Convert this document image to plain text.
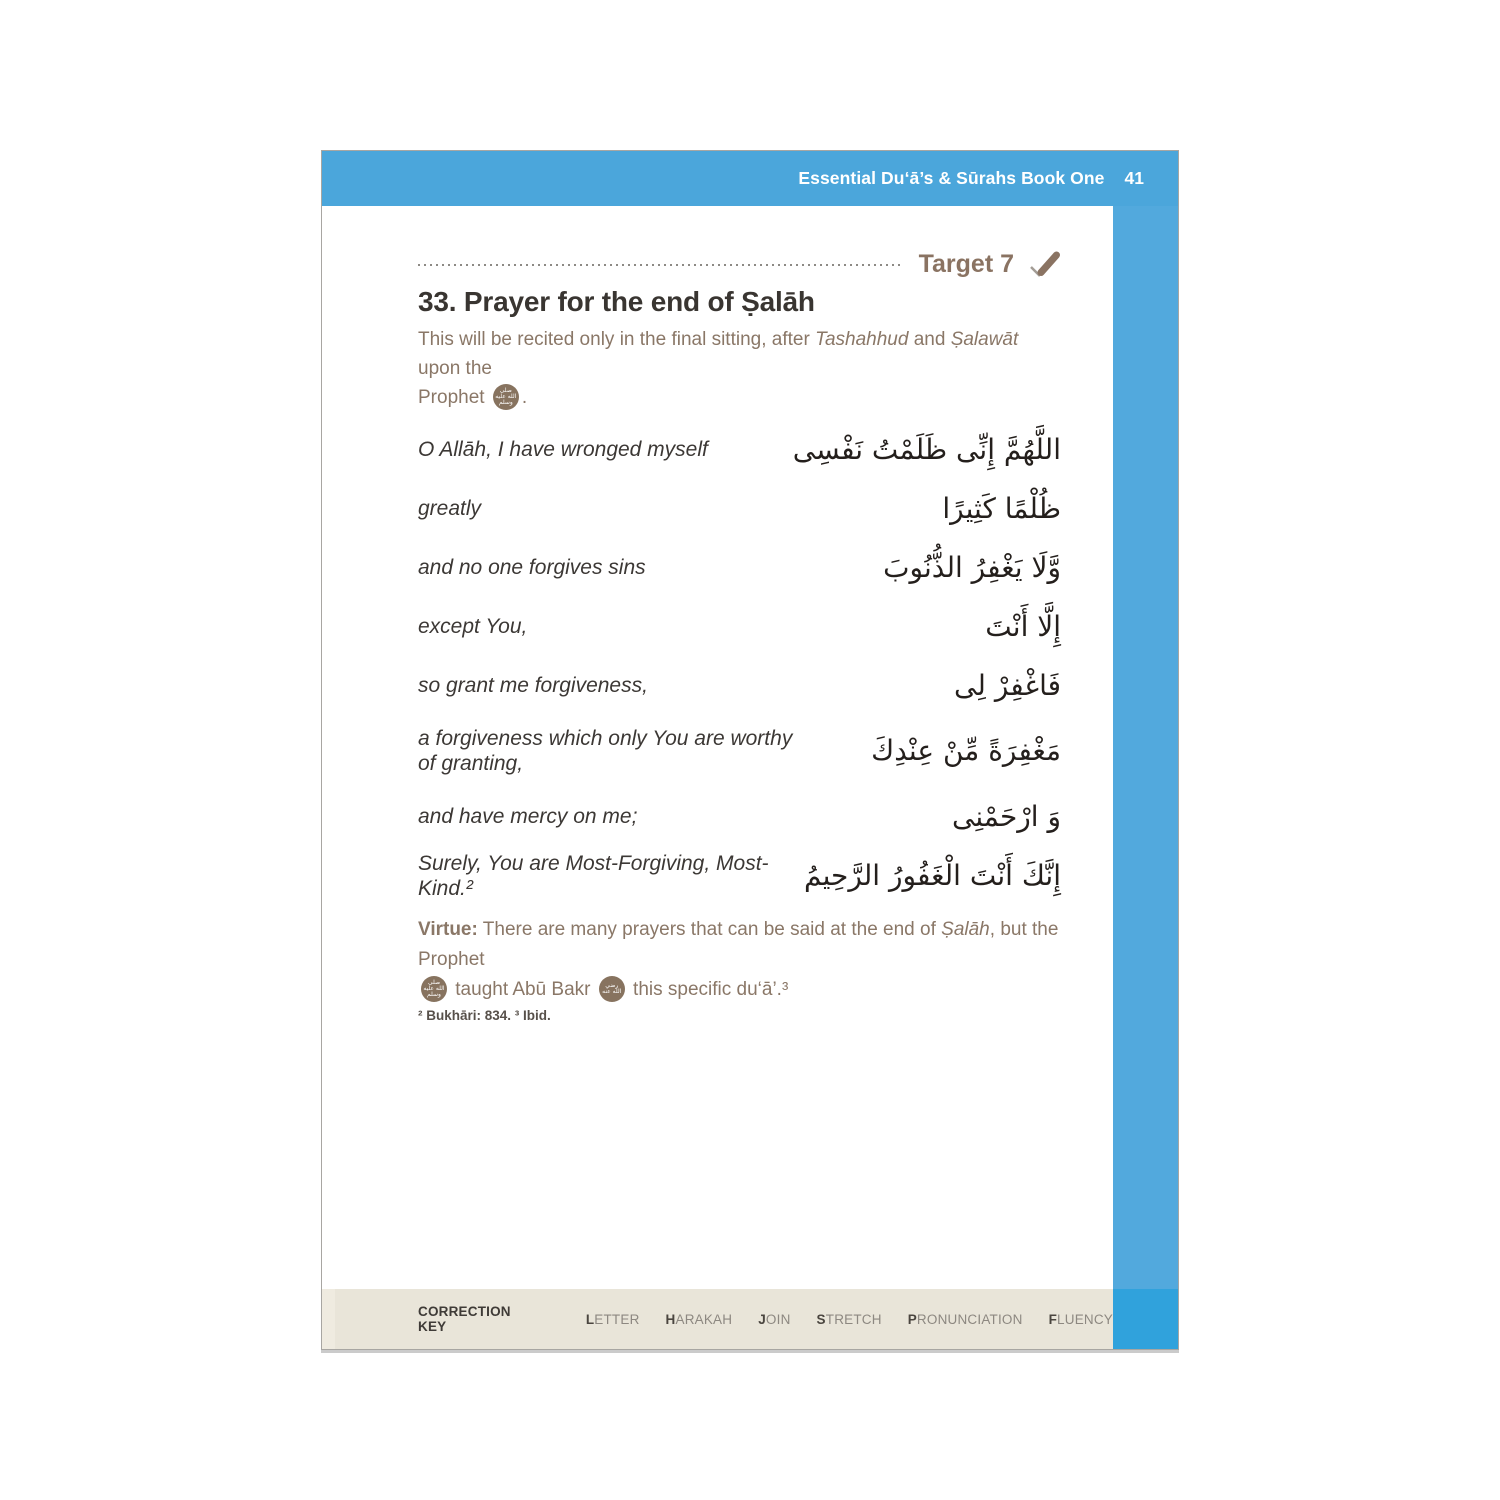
Essential Du‘ā’s & Sūrahs Book One 41
Target 7
33. Prayer for the end of Ṣalāh
This will be recited only in the final sitting, after Tashahhud and Ṣalawāt upon the
Prophet صلى
الله عليه
وسلم .
O Allāh, I have wronged myself	اللَّهُمَّ إِنِّى ظَلَمْتُ نَفْسِى
greatly	ظُلْمًا كَثِيرًا
and no one forgives sins	وَّلَا يَغْفِرُ الذُّنُوبَ
except You,	إِلَّا أَنْتَ
so grant me forgiveness,	فَاغْفِرْ لِى
a forgiveness which only You are worthy of granting,	مَغْفِرَةً مِّنْ عِنْدِكَ
and have mercy on me;	وَ ارْحَمْنِى
Surely, You are Most-Forgiving, Most-Kind.²	إِنَّكَ أَنْتَ الْغَفُورُ الرَّحِيمُ
Virtue: There are many prayers that can be said at the end of Ṣalāh, but the Prophet
صلى
الله عليه
وسلم taught Abū Bakr رضي
الله عنه this specific du‘ā’.³
² Bukhāri: 834. ³ Ibid.
CORRECTION KEY	LETTER HARAKAH JOIN STRETCH PRONUNCIATION FLUENCY
